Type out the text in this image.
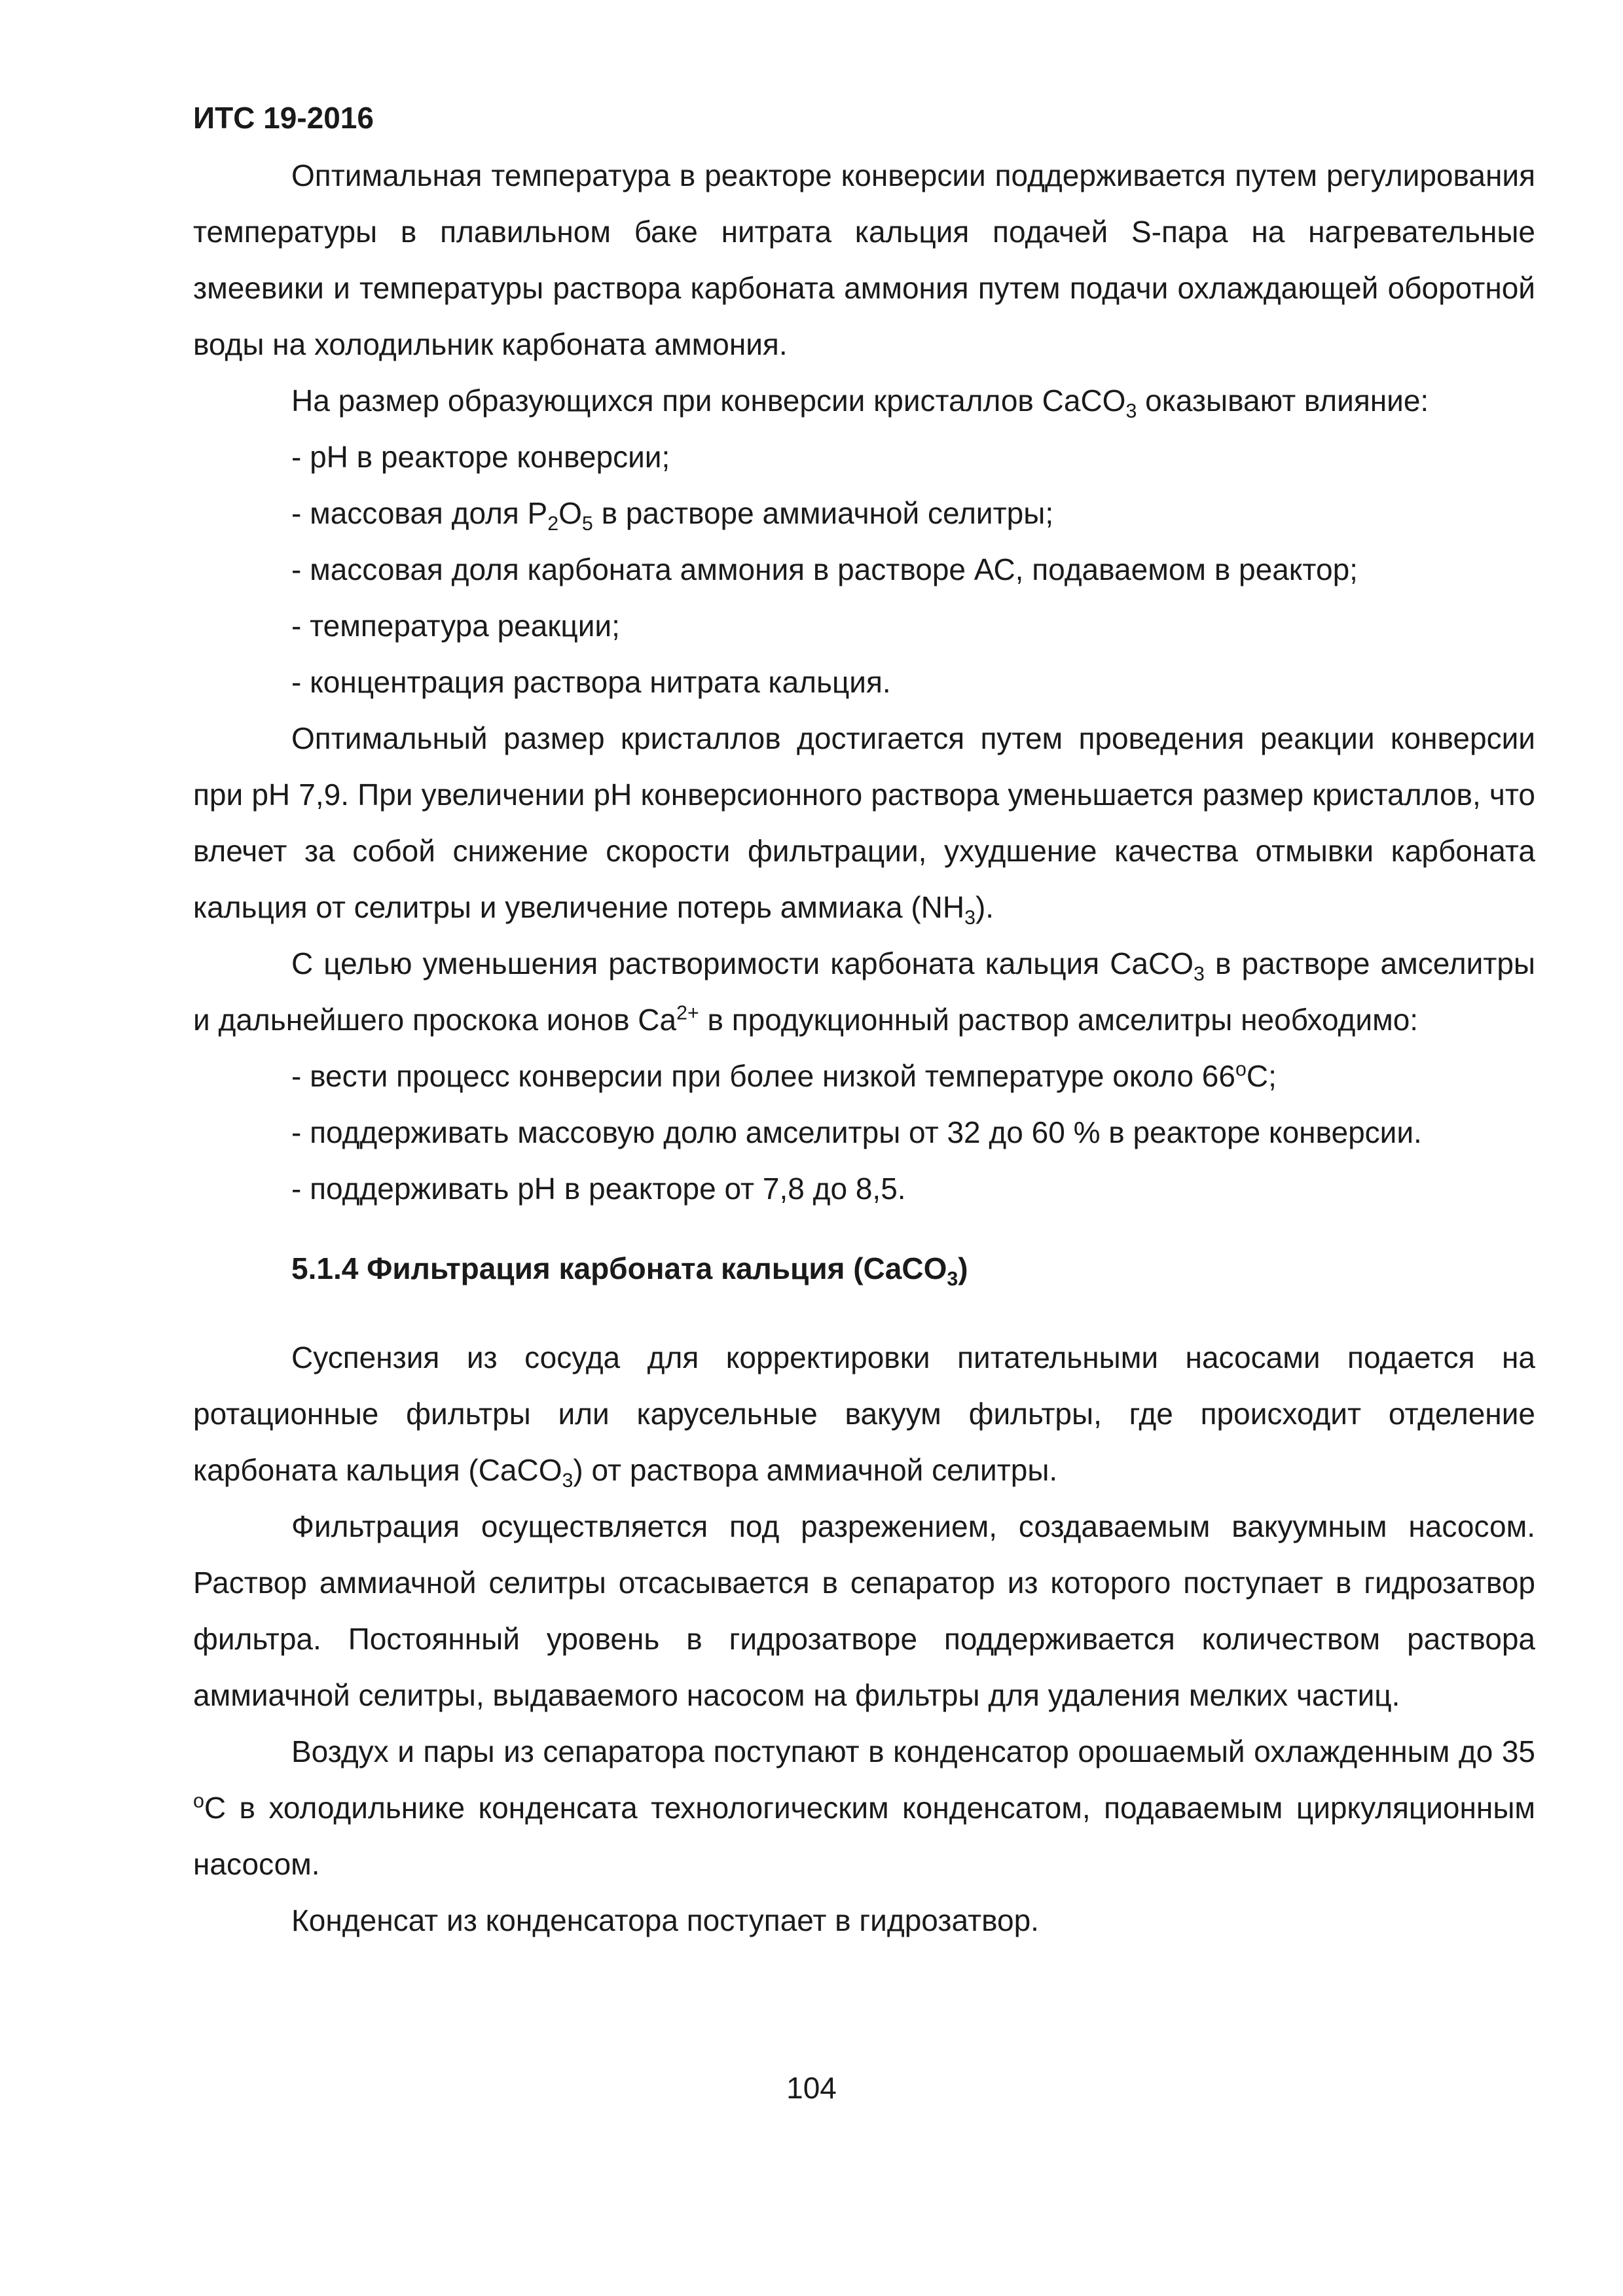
ИТС 19-2016

Оптимальная температура в реакторе конверсии поддерживается путем регулирования температуры в плавильном баке нитрата кальция подачей S-пара на нагревательные змеевики и температуры раствора карбоната аммония путем подачи охлаждающей оборотной воды на холодильник карбоната аммония.

На размер образующихся при конверсии кристаллов CaCO$_3$ оказывают влияние:

- pH в реакторе конверсии;

- массовая доля $P_2O_5$ в растворе аммиачной селитры;

- массовая доля карбоната аммония в растворе АС, подаваемом в реактор;

- температура реакции;

- концентрация раствора нитрата кальция.

Оптимальный размер кристаллов достигается путем проведения реакции конверсии при pH 7,9. При увеличении pH конверсионного раствора уменьшается размер кристаллов, что влечет за собой снижение скорости фильтрации, ухудшение качества отмывки карбоната кальция от селитры и увеличение потерь аммиака $(NH_3)$.

С целью уменьшения растворимости карбоната кальция CaCO$_3$ в растворе амселитры и дальнейшего проскока ионов $Ca^{2+}$ в продукционный раствор амселитры необходимо:

- вести процесс конверсии при более низкой температуре около $66^оC$;

- поддерживать массовую долю амселитры от 32 до 60 % в реакторе конверсии.

- поддерживать pH в реакторе от 7,8 до 8,5.

5.1.4 Фильтрация карбоната кальция (CaCO$_3$)

Суспензия из сосуда для корректировки питательными насосами подается на ротационные фильтры или карусельные вакуум фильтры, где происходит отделение карбоната кальция (CaCO$_3$) от раствора аммиачной селитры.

Фильтрация осуществляется под разрежением, создаваемым вакуумным насосом. Раствор аммиачной селитры отсасывается в сепаратор из которого поступает в гидрозатвор фильтра. Постоянный уровень в гидрозатворе поддерживается количеством раствора аммиачной селитры, выдаваемого насосом на фильтры для удаления мелких частиц.

Воздух и пары из сепаратора поступают в конденсатор орошаемый охлажденным до 35 $^о$С в холодильнике конденсата технологическим конденсатом, подаваемым циркуляционным насосом.

Конденсат из конденсатора поступает в гидрозатвор.

104
